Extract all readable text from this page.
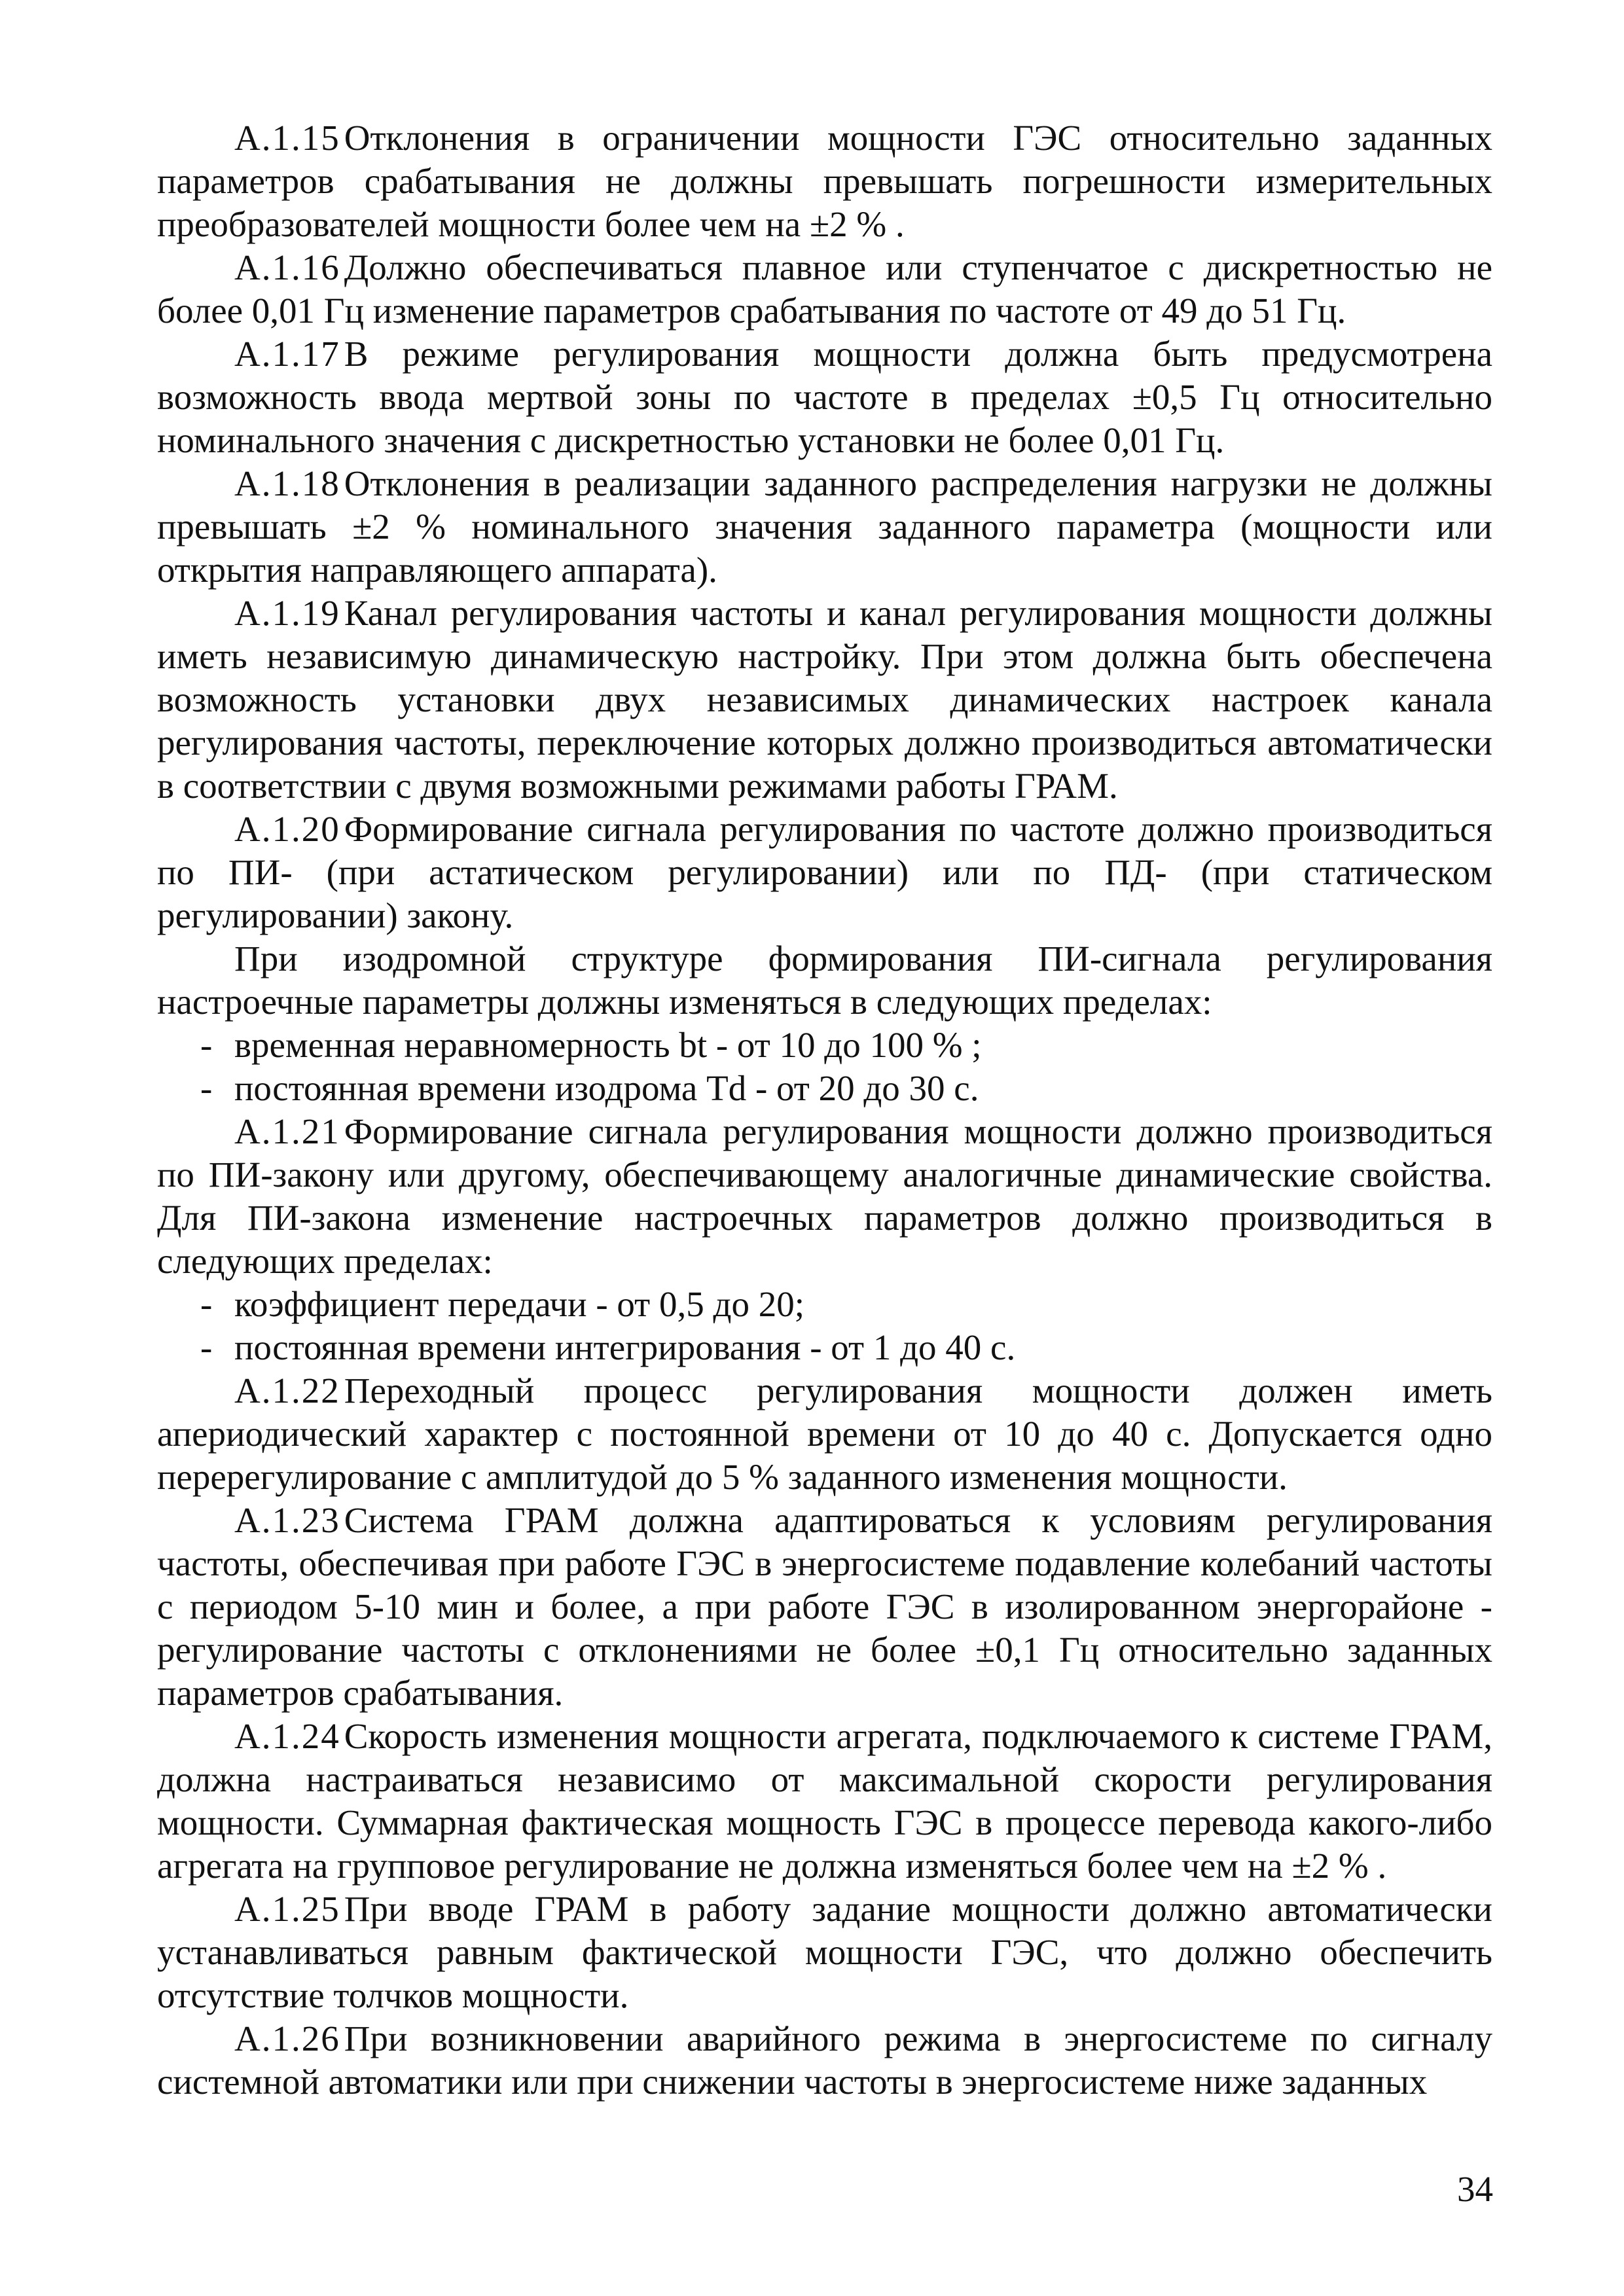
А.1.15 Отклонения в ограничении мощности ГЭС относительно заданных параметров срабатывания не должны превышать погрешности измерительных преобразователей мощности более чем на ±2 % .

А.1.16 Должно обеспечиваться плавное или ступенчатое с дискретностью не более 0,01 Гц изменение параметров срабатывания по частоте от 49 до 51 Гц.

А.1.17 В режиме регулирования мощности должна быть предусмотрена возможность ввода мертвой зоны по частоте в пределах ±0,5 Гц относительно номинального значения с дискретностью установки не более 0,01 Гц.

А.1.18 Отклонения в реализации заданного распределения нагрузки не должны превышать ±2 % номинального значения заданного параметра (мощности или открытия направляющего аппарата).

А.1.19 Канал регулирования частоты и канал регулирования мощности должны иметь независимую динамическую настройку. При этом должна быть обеспечена возможность установки двух независимых динамических настроек канала регулирования частоты, переключение которых должно производиться автоматически в соответствии с двумя возможными режимами работы ГРАМ.

А.1.20 Формирование сигнала регулирования по частоте должно производиться по ПИ- (при астатическом регулировании) или по ПД- (при статическом регулировании) закону.

При изодромной структуре формирования ПИ-сигнала регулирования настроечные параметры должны изменяться в следующих пределах:

- временная неравномерность bt - от 10 до 100 % ;

- постоянная времени изодрома Td - от 20 до 30 с.

А.1.21 Формирование сигнала регулирования мощности должно производиться по ПИ-закону или другому, обеспечивающему аналогичные динамические свойства. Для ПИ-закона изменение настроечных параметров должно производиться в следующих пределах:

- коэффициент передачи - от 0,5 до 20;

- постоянная времени интегрирования - от 1 до 40 с.

А.1.22 Переходный процесс регулирования мощности должен иметь апериодический характер с постоянной времени от 10 до 40 с. Допускается одно перерегулирование с амплитудой до 5 % заданного изменения мощности.

А.1.23 Система ГРАМ должна адаптироваться к условиям регулирования частоты, обеспечивая при работе ГЭС в энергосистеме подавление колебаний частоты с периодом 5-10 мин и более, а при работе ГЭС в изолированном энергорайоне - регулирование частоты с отклонениями не более ±0,1 Гц относительно заданных параметров срабатывания.

А.1.24 Скорость изменения мощности агрегата, подключаемого к системе ГРАМ, должна настраиваться независимо от максимальной скорости регулирования мощности. Суммарная фактическая мощность ГЭС в процессе перевода какого-либо агрегата на групповое регулирование не должна изменяться более чем на ±2 % .

А.1.25 При вводе ГРАМ в работу задание мощности должно автоматически устанавливаться равным фактической мощности ГЭС, что должно обеспечить отсутствие толчков мощности.

А.1.26 При возникновении аварийного режима в энергосистеме по сигналу системной автоматики или при снижении частоты в энергосистеме ниже заданных

34
